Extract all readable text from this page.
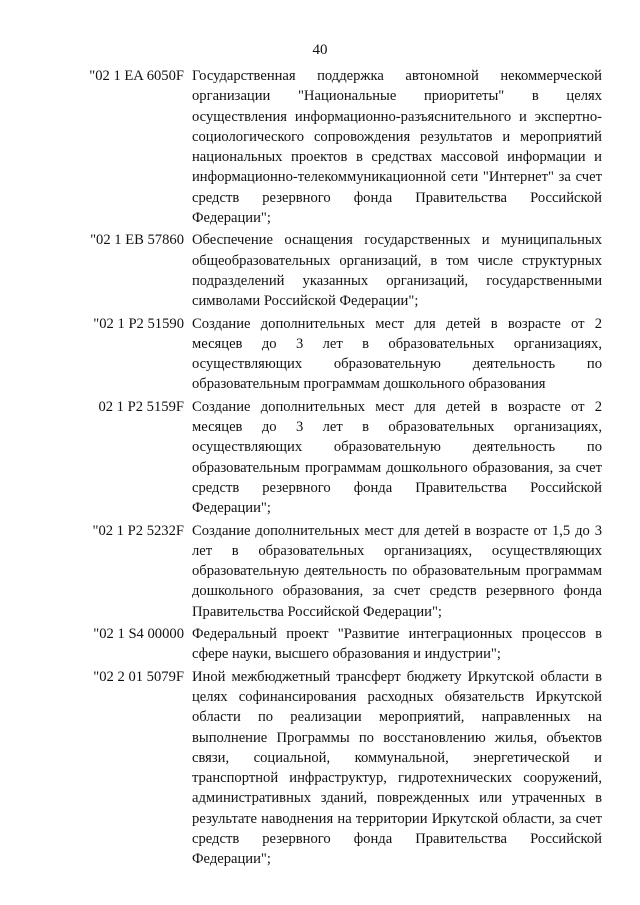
40
"02 1 EA 6050F Государственная поддержка автономной некоммерческой организации "Национальные приоритеты" в целях осуществления информационно-разъяснительного и экспертно-социологического сопровождения результатов и мероприятий национальных проектов в средствах массовой информации и информационно-телекоммуникационной сети "Интернет" за счет средств резервного фонда Правительства Российской Федерации";
"02 1 EB 57860 Обеспечение оснащения государственных и муниципальных общеобразовательных организаций, в том числе структурных подразделений указанных организаций, государственными символами Российской Федерации";
"02 1 P2 51590 Создание дополнительных мест для детей в возрасте от 2 месяцев до 3 лет в образовательных организациях, осуществляющих образовательную деятельность по образовательным программам дошкольного образования
02 1 P2 5159F Создание дополнительных мест для детей в возрасте от 2 месяцев до 3 лет в образовательных организациях, осуществляющих образовательную деятельность по образовательным программам дошкольного образования, за счет средств резервного фонда Правительства Российской Федерации";
"02 1 P2 5232F Создание дополнительных мест для детей в возрасте от 1,5 до 3 лет в образовательных организациях, осуществляющих образовательную деятельность по образовательным программам дошкольного образования, за счет средств резервного фонда Правительства Российской Федерации";
"02 1 S4 00000 Федеральный проект "Развитие интеграционных процессов в сфере науки, высшего образования и индустрии";
"02 2 01 5079F Иной межбюджетный трансферт бюджету Иркутской области в целях софинансирования расходных обязательств Иркутской области по реализации мероприятий, направленных на выполнение Программы по восстановлению жилья, объектов связи, социальной, коммунальной, энергетической и транспортной инфраструктур, гидротехнических сооружений, административных зданий, поврежденных или утраченных в результате наводнения на территории Иркутской области, за счет средств резервного фонда Правительства Российской Федерации";
